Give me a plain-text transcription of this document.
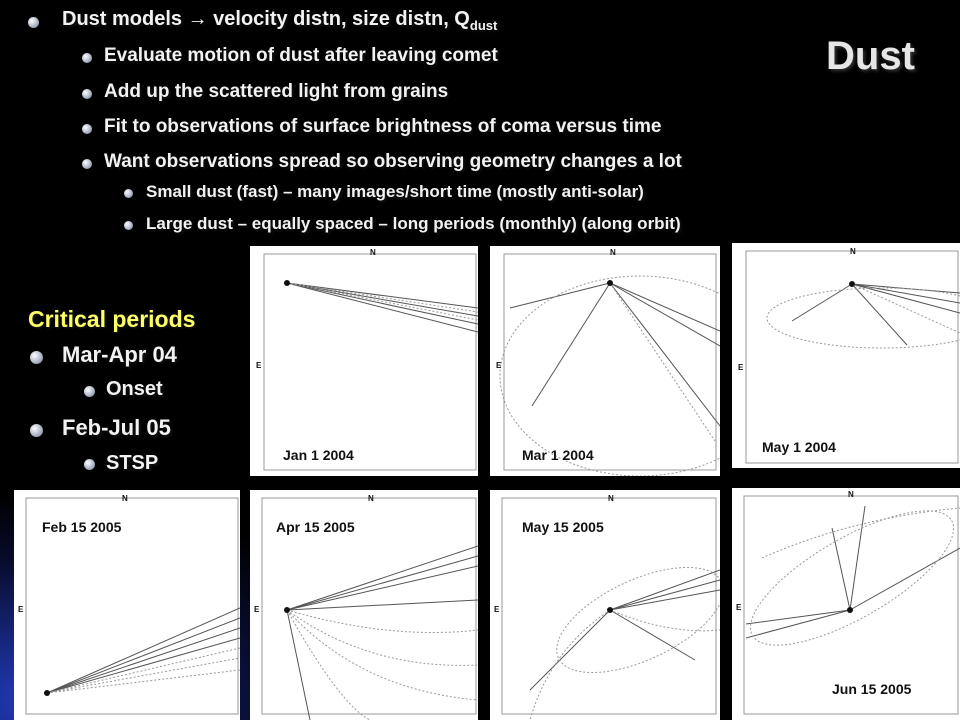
Dust
Dust models → velocity distn, size distn, $Q_{dust}$
Evaluate motion of dust after leaving comet
Add up the scattered light from grains
Fit to observations of surface brightness of coma versus time
Want observations spread so observing geometry changes a lot
Small dust (fast) – many images/short time (mostly anti-solar)
Large dust – equally spaced – long periods (monthly) (along orbit)
Critical periods
Mar-Apr 04
Onset
Feb-Jul 05
STSP
N
E
Jan 1 2004
N
E
Mar 1 2004
N
E
May 1 2004
N
E
Feb 15 2005
N
E
Apr 15 2005
N
E
May 15 2005
N
E
Jun 15 2005
